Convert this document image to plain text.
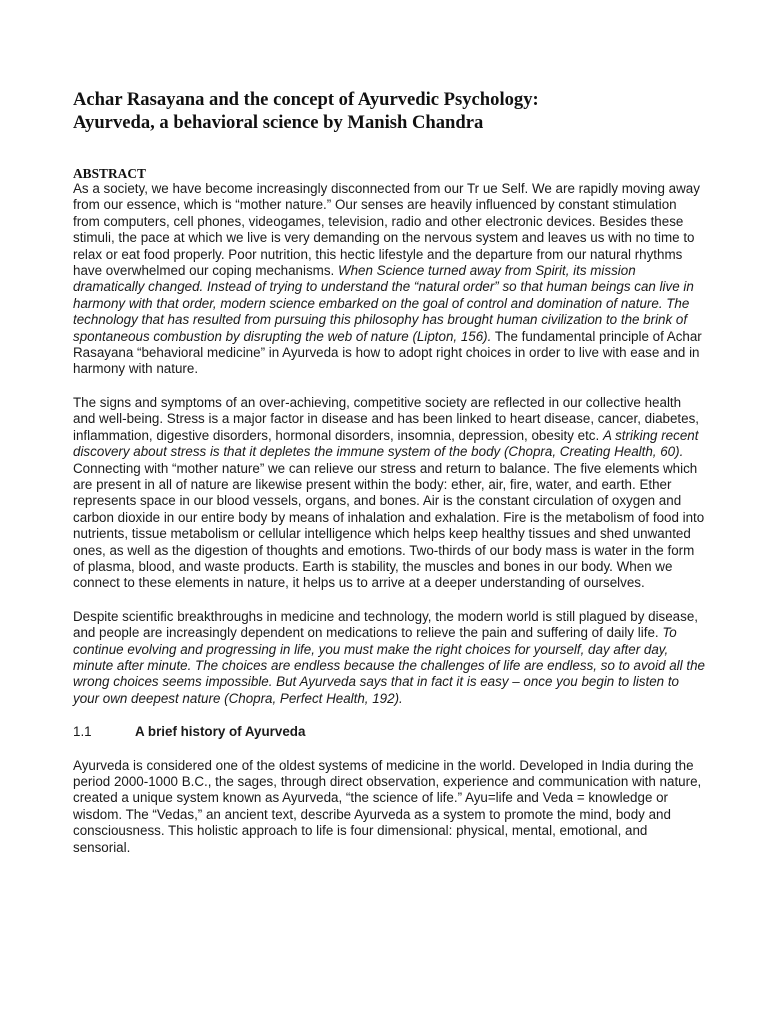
Achar Rasayana and the concept of Ayurvedic Psychology:
Ayurveda, a behavioral science by Manish Chandra
ABSTRACT

As a society, we have become increasingly disconnected from our Tr ue Self. We are rapidly moving away from our essence, which is “mother nature.” Our senses are heavily influenced by constant stimulation from computers, cell phones, videogames, television, radio and other electronic devices. Besides these stimuli, the pace at which we live is very demanding on the nervous system and leaves us with no time to relax or eat food properly. Poor nutrition, this hectic lifestyle and the departure from our natural rhythms have overwhelmed our coping mechanisms. When Science turned away from Spirit, its mission dramatically changed. Instead of trying to understand the “natural order” so that human beings can live in harmony with that order, modern science embarked on the goal of control and domination of nature. The technology that has resulted from pursuing this philosophy has brought human civilization to the brink of spontaneous combustion by disrupting the web of nature (Lipton, 156). The fundamental principle of Achar Rasayana “behavioral medicine” in Ayurveda is how to adopt right choices in order to live with ease and in harmony with nature.

The signs and symptoms of an over-achieving, competitive society are reflected in our collective health and well-being. Stress is a major factor in disease and has been linked to heart disease, cancer, diabetes, inflammation, digestive disorders, hormonal disorders, insomnia, depression, obesity etc. A striking recent discovery about stress is that it depletes the immune system of the body (Chopra, Creating Health, 60). Connecting with “mother nature” we can relieve our stress and return to balance. The five elements which are present in all of nature are likewise present within the body: ether, air, fire, water, and earth. Ether represents space in our blood vessels, organs, and bones. Air is the constant circulation of oxygen and carbon dioxide in our entire body by means of inhalation and exhalation. Fire is the metabolism of food into nutrients, tissue metabolism or cellular intelligence which helps keep healthy tissues and shed unwanted ones, as well as the digestion of thoughts and emotions. Two-thirds of our body mass is water in the form of plasma, blood, and waste products. Earth is stability, the muscles and bones in our body. When we connect to these elements in nature, it helps us to arrive at a deeper understanding of ourselves.

Despite scientific breakthroughs in medicine and technology, the modern world is still plagued by disease, and people are increasingly dependent on medications to relieve the pain and suffering of daily life. To continue evolving and progressing in life, you must make the right choices for yourself, day after day, minute after minute. The choices are endless because the challenges of life are endless, so to avoid all the wrong choices seems impossible. But Ayurveda says that in fact it is easy – once you begin to listen to your own deepest nature (Chopra, Perfect Health, 192).

1.1	A brief history of Ayurveda

Ayurveda is considered one of the oldest systems of medicine in the world. Developed in India during the period 2000-1000 B.C., the sages, through direct observation, experience and communication with nature, created a unique system known as Ayurveda, “the science of life.” Ayu=life and Veda = knowledge or wisdom. The “Vedas,” an ancient text, describe Ayurveda as a system to promote the mind, body and consciousness. This holistic approach to life is four dimensional: physical, mental, emotional, and sensorial.
